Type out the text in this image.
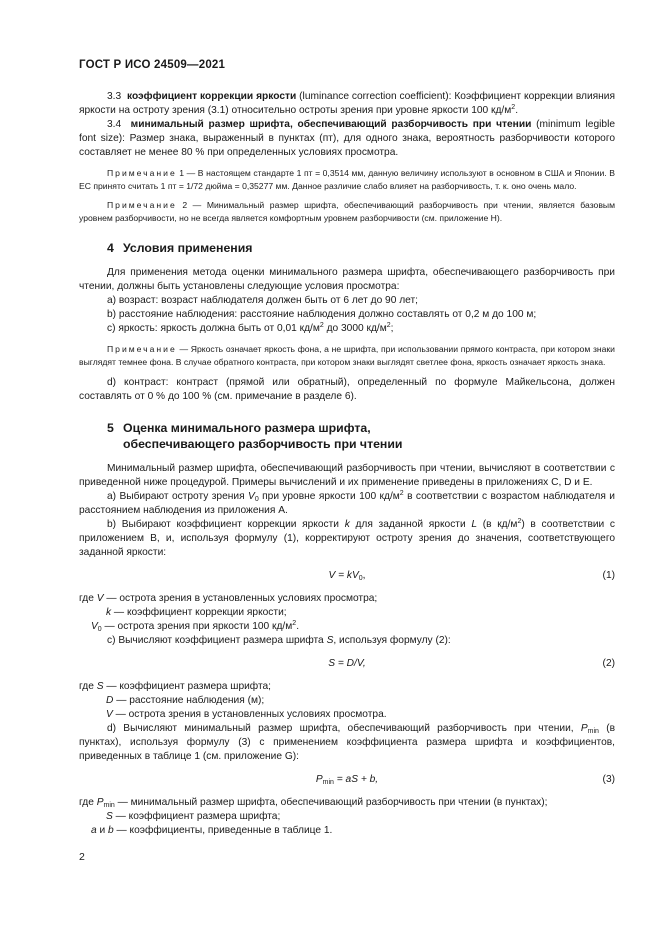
ГОСТ Р ИСО 24509—2021

3.3 коэффициент коррекции яркости (luminance correction coefficient): Коэффициент коррекции влияния яркости на остроту зрения (3.1) относительно остроты зрения при уровне яркости 100 $кд/м^2$.

3.4 минимальный размер шрифта, обеспечивающий разборчивость при чтении (minimum legible font size): Размер знака, выраженный в пунктах (пт), для одного знака, вероятность разборчивости которого составляет не менее 80 % при определенных условиях просмотра.

Примечание 1 — В настоящем стандарте 1 пт = 0,3514 мм, данную величину используют в основном в США и Японии. В ЕС принято считать 1 пт = 1/72 дюйма = 0,35277 мм. Данное различие слабо влияет на разборчивость, т. к. оно очень мало.

Примечание 2 — Минимальный размер шрифта, обеспечивающий разборчивость при чтении, является базовым уровнем разборчивости, но не всегда является комфортным уровнем разборчивости (см. приложение Н).

4 Условия применения

Для применения метода оценки минимального размера шрифта, обеспечивающего разборчивость при чтении, должны быть установлены следующие условия просмотра:

a) возраст: возраст наблюдателя должен быть от 6 лет до 90 лет;

b) расстояние наблюдения: расстояние наблюдения должно составлять от 0,2 м до 100 м;

c) яркость: яркость должна быть от 0,01 $кд/м^2$ до 3000 $кд/м^2$;

Примечание — Яркость означает яркость фона, а не шрифта, при использовании прямого контраста, при котором знаки выглядят темнее фона. В случае обратного контраста, при котором знаки выглядят светлее фона, яркость означает яркость знака.

d) контраст: контраст (прямой или обратный), определенный по формуле Майкельсона, должен составлять от 0 % до 100 % (см. примечание в разделе 6).

5 Оценка минимального размера шрифта,
обеспечивающего разборчивость при чтении

Минимальный размер шрифта, обеспечивающий разборчивость при чтении, вычисляют в соответствии с приведенной ниже процедурой. Примеры вычислений и их применение приведены в приложениях С, D и Е.

a) Выбирают остроту зрения $V_0$ при уровне яркости 100 $кд/м^2$ в соответствии с возрастом наблюдателя и расстоянием наблюдения из приложения А.

b) Выбирают коэффициент коррекции яркости k для заданной яркости L (в $кд/м^2$) в соответствии с приложением В, и, используя формулу (1), корректируют остроту зрения до значения, соответствующего заданной яркости:

$V = kV_0$,	(1)

где V — острота зрения в установленных условиях просмотра;

k — коэффициент коррекции яркости;

$V_0$ — острота зрения при яркости 100 $кд/м^2$.

c) Вычисляют коэффициент размера шрифта S, используя формулу (2):

S = D/V,	(2)

где S — коэффициент размера шрифта;

D — расстояние наблюдения (м);

V — острота зрения в установленных условиях просмотра.

d) Вычисляют минимальный размер шрифта, обеспечивающий разборчивость при чтении, $P_{min}$ (в пунктах), используя формулу (3) с применением коэффициента размера шрифта и коэффициентов, приведенных в таблице 1 (см. приложение G):

$P_{min}$ = aS + b,	(3)

где $P_{min}$ — минимальный размер шрифта, обеспечивающий разборчивость при чтении (в пунктах);

S — коэффициент размера шрифта;

a и b — коэффициенты, приведенные в таблице 1.

2
